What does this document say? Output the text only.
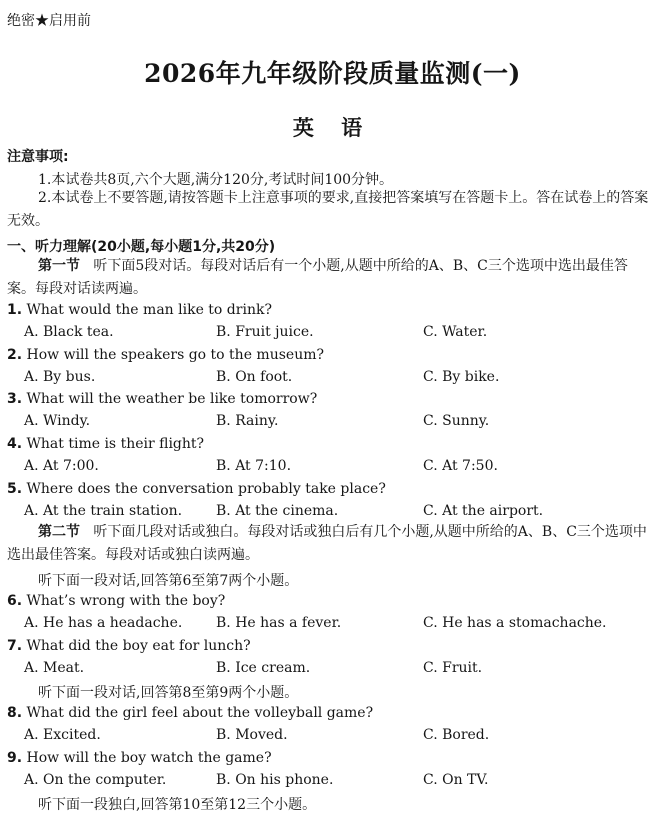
绝密★启用前
2026年九年级阶段质量监测(一)
英 语
注意事项:
1.本试卷共8页,六个大题,满分120分,考试时间100分钟。
2.本试卷上不要答题,请按答题卡上注意事项的要求,直接把答案填写在答题卡上。答在试卷上的答案无效。
一、听力理解(20小题,每小题1分,共20分)
第一节 听下面5段对话。每段对话后有一个小题,从题中所给的A、B、C三个选项中选出最佳答案。每段对话读两遍。
1. What would the man like to drink?
A. Black tea.	B. Fruit juice.	C. Water.
2. How will the speakers go to the museum?
A. By bus.	B. On foot.	C. By bike.
3. What will the weather be like tomorrow?
A. Windy.	B. Rainy.	C. Sunny.
4. What time is their flight?
A. At 7:00.	B. At 7:10.	C. At 7:50.
5. Where does the conversation probably take place?
A. At the train station. B. At the cinema.	C. At the airport.
第二节 听下面几段对话或独白。每段对话或独白后有几个小题,从题中所给的A、B、C三个选项中选出最佳答案。每段对话或独白读两遍。
听下面一段对话,回答第6至第7两个小题。
6. What’s wrong with the boy?
A. He has a headache. B. He has a fever.	C. He has a stomachache.
7. What did the boy eat for lunch?
A. Meat.	B. Ice cream.	C. Fruit.
听下面一段对话,回答第8至第9两个小题。
8. What did the girl feel about the volleyball game?
A. Excited.	B. Moved.	C. Bored.
9. How will the boy watch the game?
A. On the computer.	B. On his phone.	C. On TV.
听下面一段独白,回答第10至第12三个小题。
